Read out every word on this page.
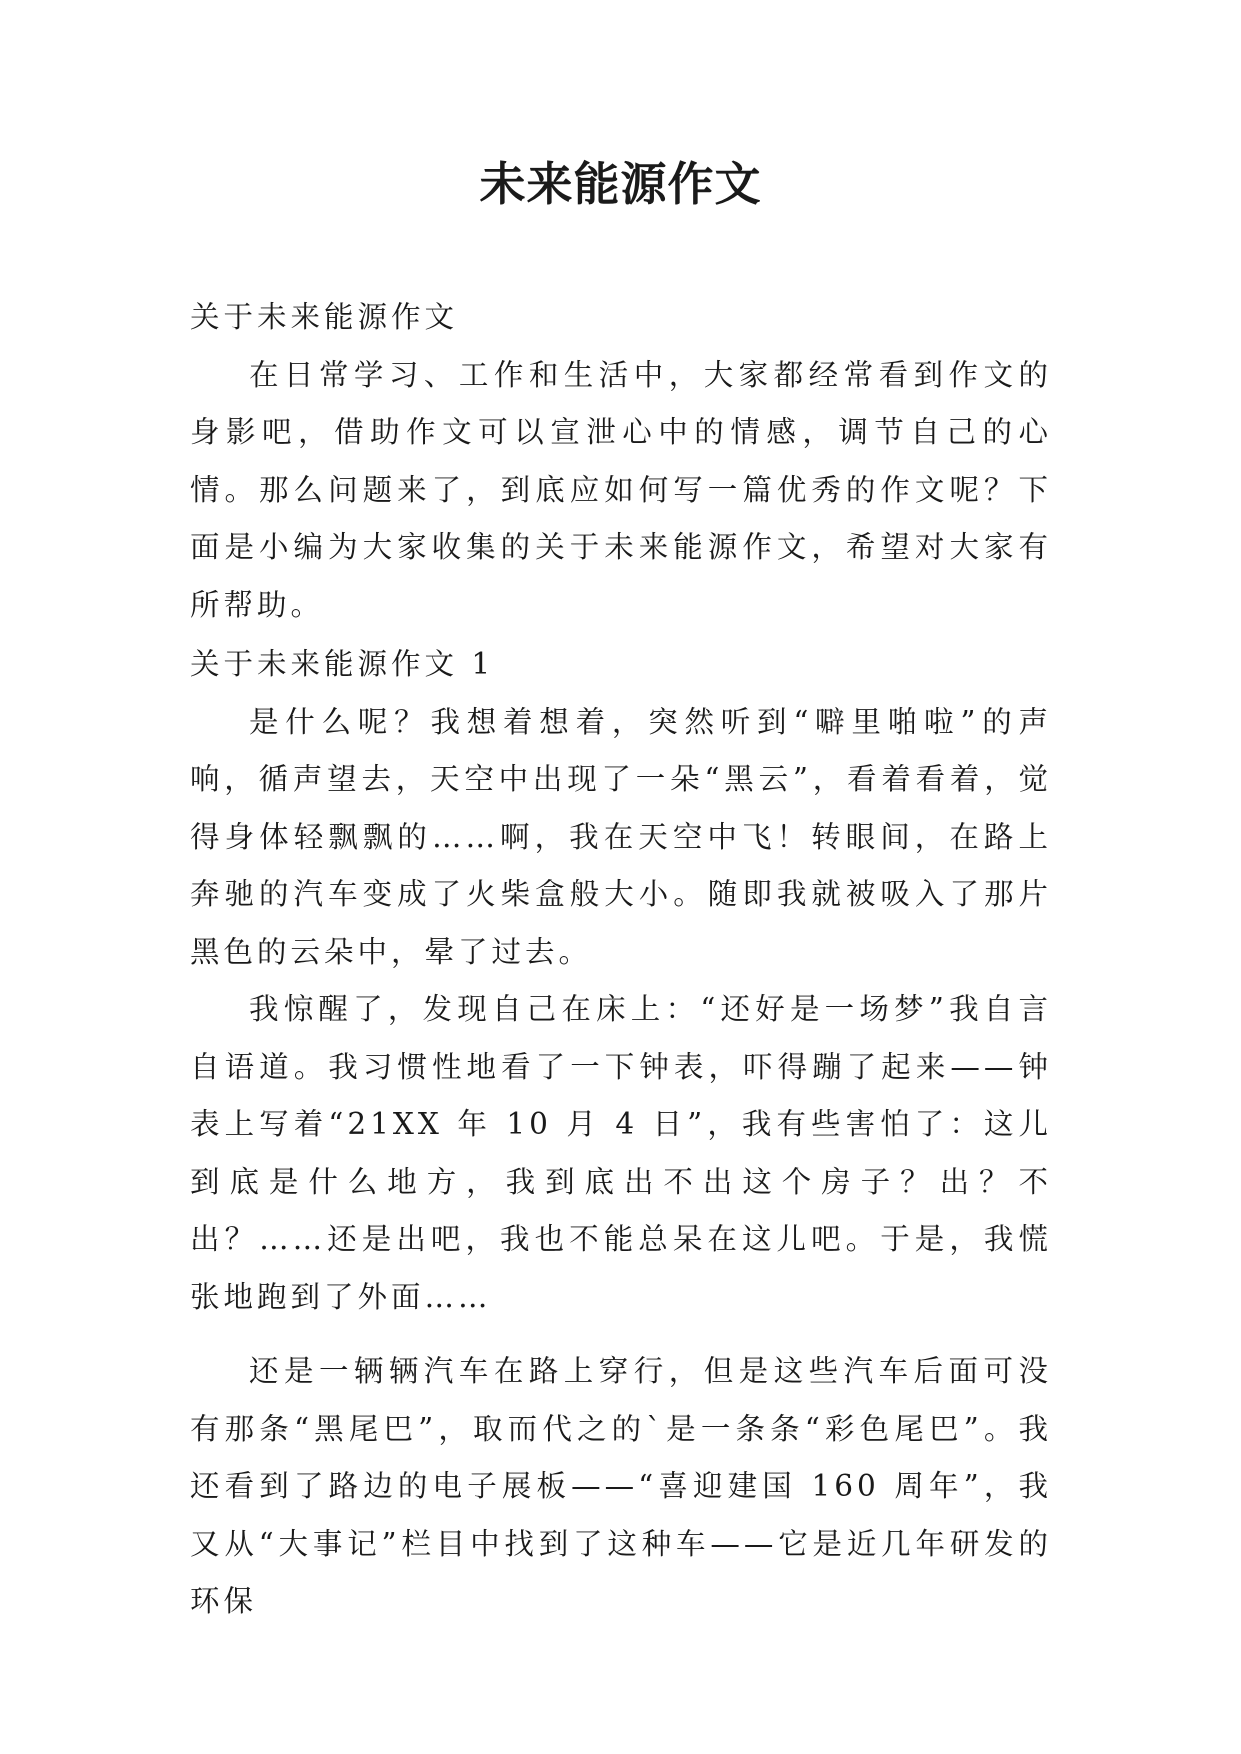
未来能源作文

关于未来能源作文

在日常学习、工作和生活中，大家都经常看到作文的身影吧，借助作文可以宣泄心中的情感，调节自己的心情。那么问题来了，到底应如何写一篇优秀的作文呢？下面是小编为大家收集的关于未来能源作文，希望对大家有所帮助。

关于未来能源作文 1

是什么呢？我想着想着，突然听到“噼里啪啦”的声响，循声望去，天空中出现了一朵“黑云”，看着看着，觉得身体轻飘飘的……啊，我在天空中飞！转眼间，在路上奔驰的汽车变成了火柴盒般大小。随即我就被吸入了那片黑色的云朵中，晕了过去。

我惊醒了，发现自己在床上：“还好是一场梦”我自言自语道。我习惯性地看了一下钟表，吓得蹦了起来——钟表上写着“21XX 年 10 月 4 日”，我有些害怕了：这儿到底是什么地方，我到底出不出这个房子？出？不出？……还是出吧，我也不能总呆在这儿吧。于是，我慌张地跑到了外面……

还是一辆辆汽车在路上穿行，但是这些汽车后面可没有那条“黑尾巴”，取而代之的`是一条条“彩色尾巴”。我还看到了路边的电子展板——“喜迎建国 160 周年”，我又从“大事记”栏目中找到了这种车——它是近几年研发的环保
